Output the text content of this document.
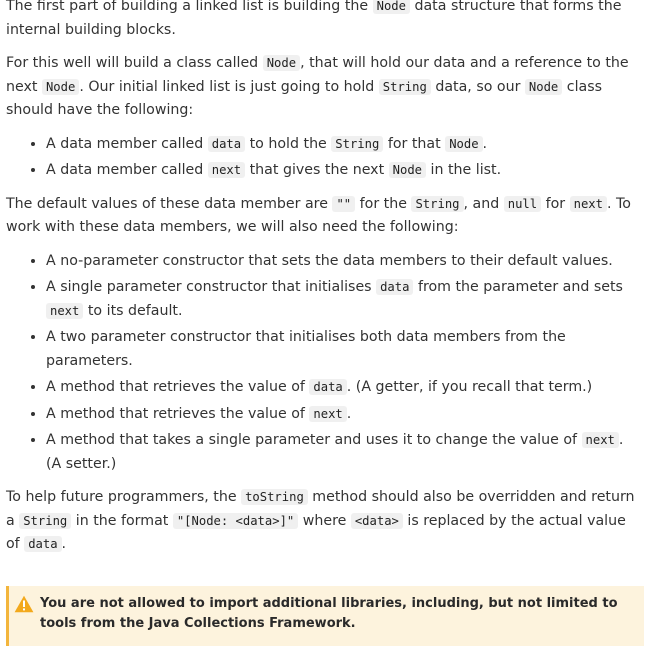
The first part of building a linked list is building the Node data structure that forms the internal building blocks.

For this well will build a class called Node , that will hold our data and a reference to the next Node . Our initial linked list is just going to hold String data, so our Node class should have the following:

• A data member called data to hold the String for that Node .
• A data member called next that gives the next Node in the list.

The default values of these data member are "" for the String , and null for next . To work with these data members, we will also need the following:

• A no-parameter constructor that sets the data members to their default values.
• A single parameter constructor that initialises data from the parameter and sets next to its default.
• A two parameter constructor that initialises both data members from the parameters.
• A method that retrieves the value of data . (A getter, if you recall that term.)
• A method that retrieves the value of next .
• A method that takes a single parameter and uses it to change the value of next . (A setter.)

To help future programmers, the toString method should also be overridden and return a String in the format "[Node: <data>]" where <data> is replaced by the actual value of data .

You are not allowed to import additional libraries, including, but not limited to tools from the Java Collections Framework.
